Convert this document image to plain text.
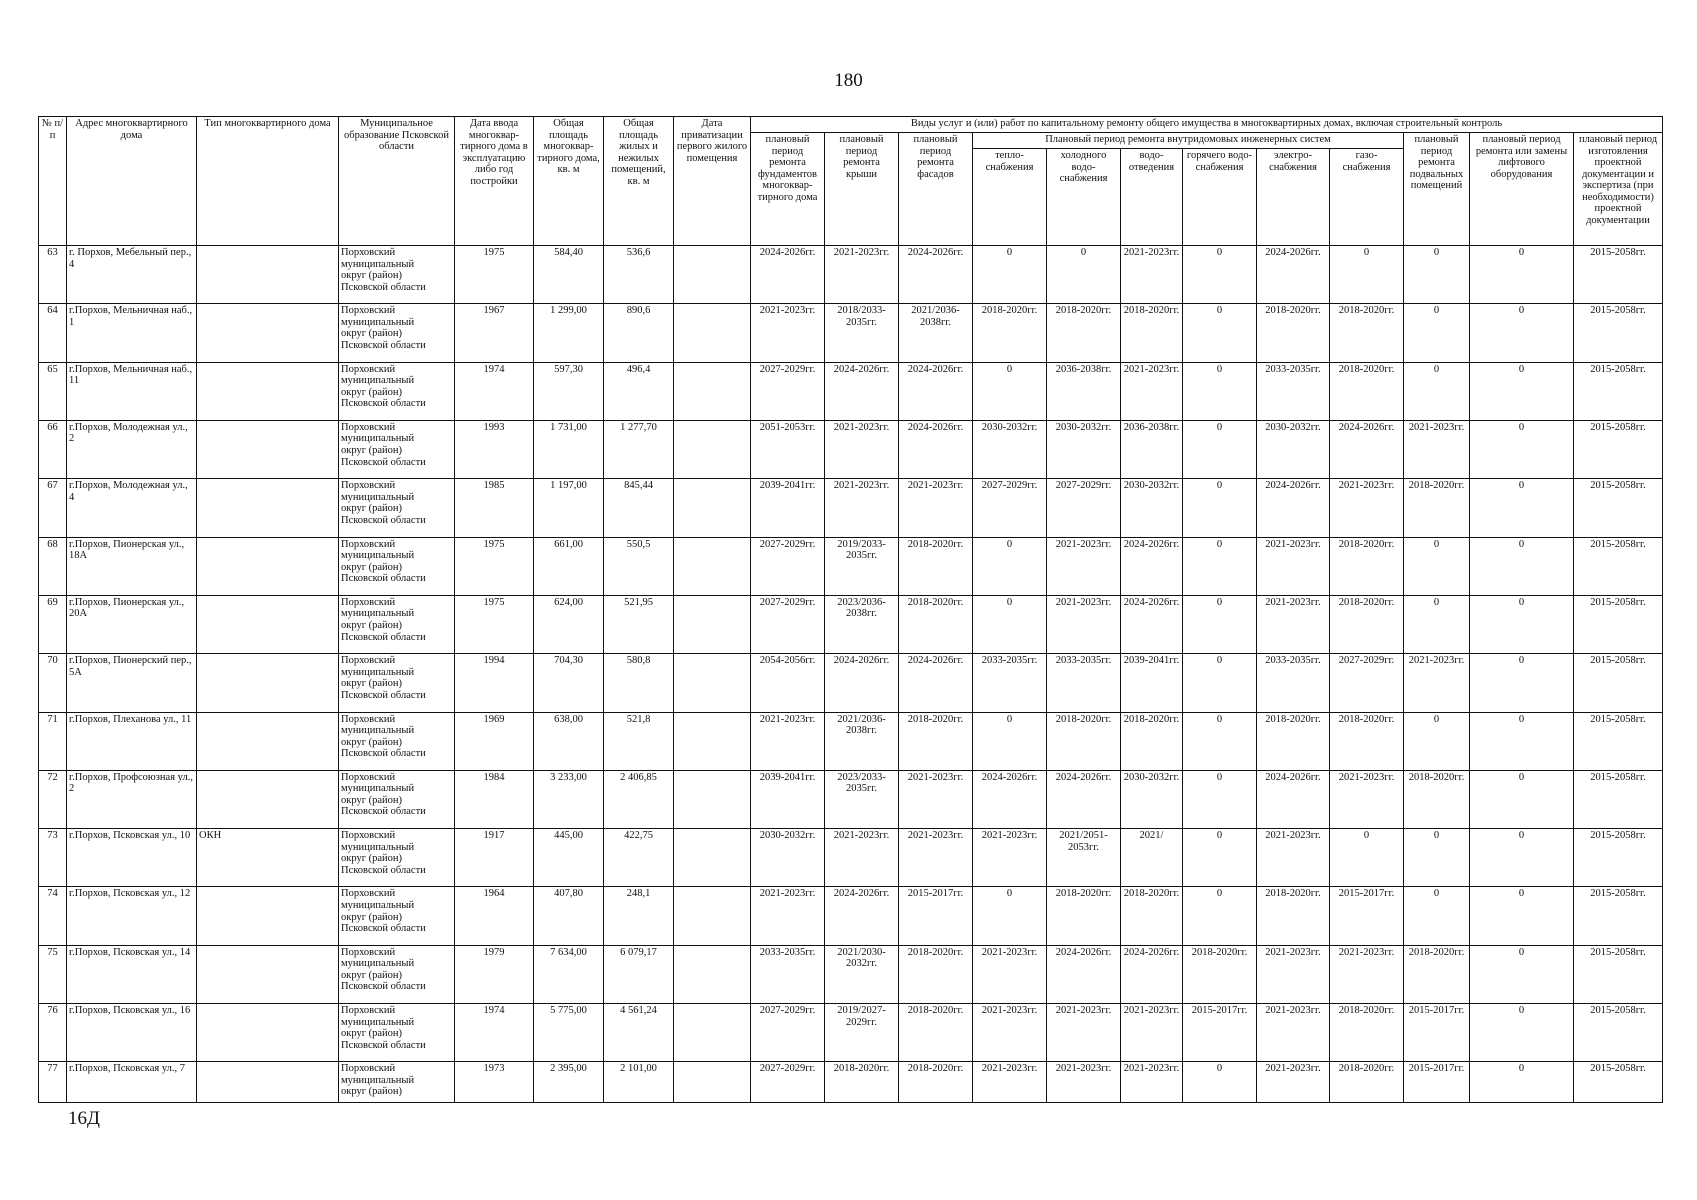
180
№ п/п	Адрес многоквартирного дома	Тип многоквартирного дома	Муниципальное образование Псковской области	Дата ввода многоквар-тирного дома в эксплуатацию либо год постройки	Общая площадь многоквар-тирного дома, кв. м	Общая площадь жилых и нежилых помещений, кв. м	Дата приватизации первого жилого помещения	Виды услуг и (или) работ по капитальному ремонту общего имущества в многоквартирных домах, включая строительный контроль											
								плановый период ремонта фундаментов многоквар-тирного дома	плановый период ремонта крыши	плановый период ремонта фасадов	Плановый период ремонта внутридомовых инженерных систем						плановый период ремонта подвальных помещений	плановый период ремонта или замены лифтового оборудования	плановый период изготовления проектной документации и экспертиза (при необходимости) проектной документации
											тепло-снабжения	холодного водо-снабжения	водо-отведения	горячего водо-снабжения	электро-снабжения	газо-снабжения			
63	г. Порхов, Мебельный пер., 4		Порховский
муниципальный
округ (район)
Псковской области	1975	584,40	536,6		2024-2026гг.	2021-2023гг.	2024-2026гг.	0	0	2021-2023гг.	0	2024-2026гг.	0	0	0	2015-2058гг.
64	г.Порхов, Мельничная наб., 1		Порховский
муниципальный
округ (район)
Псковской области	1967	1 299,00	890,6		2021-2023гг.	2018/2033-2035гг.	2021/2036-2038гг.	2018-2020гг.	2018-2020гг.	2018-2020гг.	0	2018-2020гг.	2018-2020гг.	0	0	2015-2058гг.
65	г.Порхов, Мельничная наб., 11		Порховский
муниципальный
округ (район)
Псковской области	1974	597,30	496,4		2027-2029гг.	2024-2026гг.	2024-2026гг.	0	2036-2038гг.	2021-2023гг.	0	2033-2035гг.	2018-2020гг.	0	0	2015-2058гг.
66	г.Порхов, Молодежная ул., 2		Порховский
муниципальный
округ (район)
Псковской области	1993	1 731,00	1 277,70		2051-2053гг.	2021-2023гг.	2024-2026гг.	2030-2032гг.	2030-2032гг.	2036-2038гг.	0	2030-2032гг.	2024-2026гг.	2021-2023гг.	0	2015-2058гг.
67	г.Порхов, Молодежная ул., 4		Порховский
муниципальный
округ (район)
Псковской области	1985	1 197,00	845,44		2039-2041гг.	2021-2023гг.	2021-2023гг.	2027-2029гг.	2027-2029гг.	2030-2032гг.	0	2024-2026гг.	2021-2023гг.	2018-2020гг.	0	2015-2058гг.
68	г.Порхов, Пионерская ул., 18А		Порховский
муниципальный
округ (район)
Псковской области	1975	661,00	550,5		2027-2029гг.	2019/2033-2035гг.	2018-2020гг.	0	2021-2023гг.	2024-2026гг.	0	2021-2023гг.	2018-2020гг.	0	0	2015-2058гг.
69	г.Порхов, Пионерская ул., 20А		Порховский
муниципальный
округ (район)
Псковской области	1975	624,00	521,95		2027-2029гг.	2023/2036-2038гг.	2018-2020гг.	0	2021-2023гг.	2024-2026гг.	0	2021-2023гг.	2018-2020гг.	0	0	2015-2058гг.
70	г.Порхов, Пионерский пер., 5А		Порховский
муниципальный
округ (район)
Псковской области	1994	704,30	580,8		2054-2056гг.	2024-2026гг.	2024-2026гг.	2033-2035гг.	2033-2035гг.	2039-2041гг.	0	2033-2035гг.	2027-2029гг.	2021-2023гг.	0	2015-2058гг.
71	г.Порхов, Плеханова ул., 11		Порховский
муниципальный
округ (район)
Псковской области	1969	638,00	521,8		2021-2023гг.	2021/2036-2038гг.	2018-2020гг.	0	2018-2020гг.	2018-2020гг.	0	2018-2020гг.	2018-2020гг.	0	0	2015-2058гг.
72	г.Порхов, Профсоюзная ул., 2		Порховский
муниципальный
округ (район)
Псковской области	1984	3 233,00	2 406,85		2039-2041гг.	2023/2033-2035гг.	2021-2023гг.	2024-2026гг.	2024-2026гг.	2030-2032гг.	0	2024-2026гг.	2021-2023гг.	2018-2020гг.	0	2015-2058гг.
73	г.Порхов, Псковская ул., 10	ОКН	Порховский
муниципальный
округ (район)
Псковской области	1917	445,00	422,75		2030-2032гг.	2021-2023гг.	2021-2023гг.	2021-2023гг.	2021/2051-2053гг.	2021/	0	2021-2023гг.	0	0	0	2015-2058гг.
74	г.Порхов, Псковская ул., 12		Порховский
муниципальный
округ (район)
Псковской области	1964	407,80	248,1		2021-2023гг.	2024-2026гг.	2015-2017гг.	0	2018-2020гг.	2018-2020гг.	0	2018-2020гг.	2015-2017гг.	0	0	2015-2058гг.
75	г.Порхов, Псковская ул., 14		Порховский
муниципальный
округ (район)
Псковской области	1979	7 634,00	6 079,17		2033-2035гг.	2021/2030-2032гг.	2018-2020гг.	2021-2023гг.	2024-2026гг.	2024-2026гг.	2018-2020гг.	2021-2023гг.	2021-2023гг.	2018-2020гг.	0	2015-2058гг.
76	г.Порхов, Псковская ул., 16		Порховский
муниципальный
округ (район)
Псковской области	1974	5 775,00	4 561,24		2027-2029гг.	2019/2027-2029гг.	2018-2020гг.	2021-2023гг.	2021-2023гг.	2021-2023гг.	2015-2017гг.	2021-2023гг.	2018-2020гг.	2015-2017гг.	0	2015-2058гг.
77	г.Порхов, Псковская ул., 7		Порховский
муниципальный
округ (район)	1973	2 395,00	2 101,00		2027-2029гг.	2018-2020гг.	2018-2020гг.	2021-2023гг.	2021-2023гг.	2021-2023гг.	0	2021-2023гг.	2018-2020гг.	2015-2017гг.	0	2015-2058гг.
16Д
